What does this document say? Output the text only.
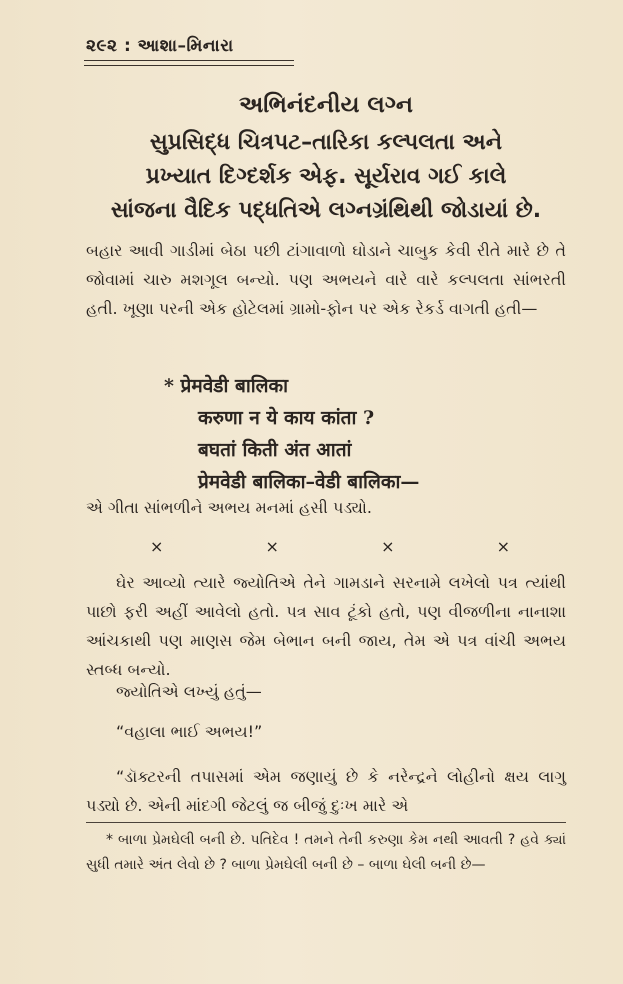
૨૯૨ : આશા–મિનારા
અભિનંદનીય લગ્ન
સુપ્રસિદ્ધ ચિત્રપટ–તારિકા કલ્પલતા અને
પ્રખ્યાત દિગ્દર્શક એફ. સૂર્યરાવ ગઈ કાલે
સાંજના વૈદિક પદ્ધતિએ લગ્નગ્રંથિથી જોડાયાં છે.
બહાર આવી ગાડીમાં બેઠા પછી ટાંગાવાળો ઘોડાને ચાબુક કેવી રીતે મારે છે તે જોવામાં ચારુ મશગૂલ બન્યો. પણ અભયને વારે વારે કલ્પલતા સાંભરતી હતી. ખૂણા પરની એક હોટેલમાં ગ્રામો-ફોન પર એક રેકર્ડ વાગતી હતી—
* प्रेमवेडी बालिका
करुणा न ये काय कांता ?
बघतां किती अंत आतां
प्रेमवेडी बालिका–वेडी बालिका—
એ ગીતા સાંભળીને અભય મનમાં હસી પડ્યો.
×	×	×	×
ઘેર આવ્યો ત્યારે જ્યોતિએ તેને ગામડાને સરનામે લખેલો પત્ર ત્યાંથી પાછો ફરી અહીં આવેલો હતો. પત્ર સાવ ટૂંકો હતો, પણ વીજળીના નાનાશા આંચકાથી પણ માણસ જેમ બેભાન બની જાય, તેમ એ પત્ર વાંચી અભય સ્તબ્ધ બન્યો.
જ્યોતિએ લખ્યું હતું—
“વહાલા ભાઈ અભય!”
“ડૉક્ટરની તપાસમાં એમ જણાયું છે કે નરેન્દ્રને લોહીનો ક્ષય લાગુ પડ્યો છે. એની માંદગી જેટલું જ બીજું દુઃખ મારે એ
* બાળા પ્રેમઘેલી બની છે. પતિદેવ ! તમને તેની કરુણા કેમ નથી આવતી ? હવે ક્યાં સુધી તમારે અંત લેવો છે ? બાળા પ્રેમઘેલી બની છે – બાળા ઘેલી બની છે—
